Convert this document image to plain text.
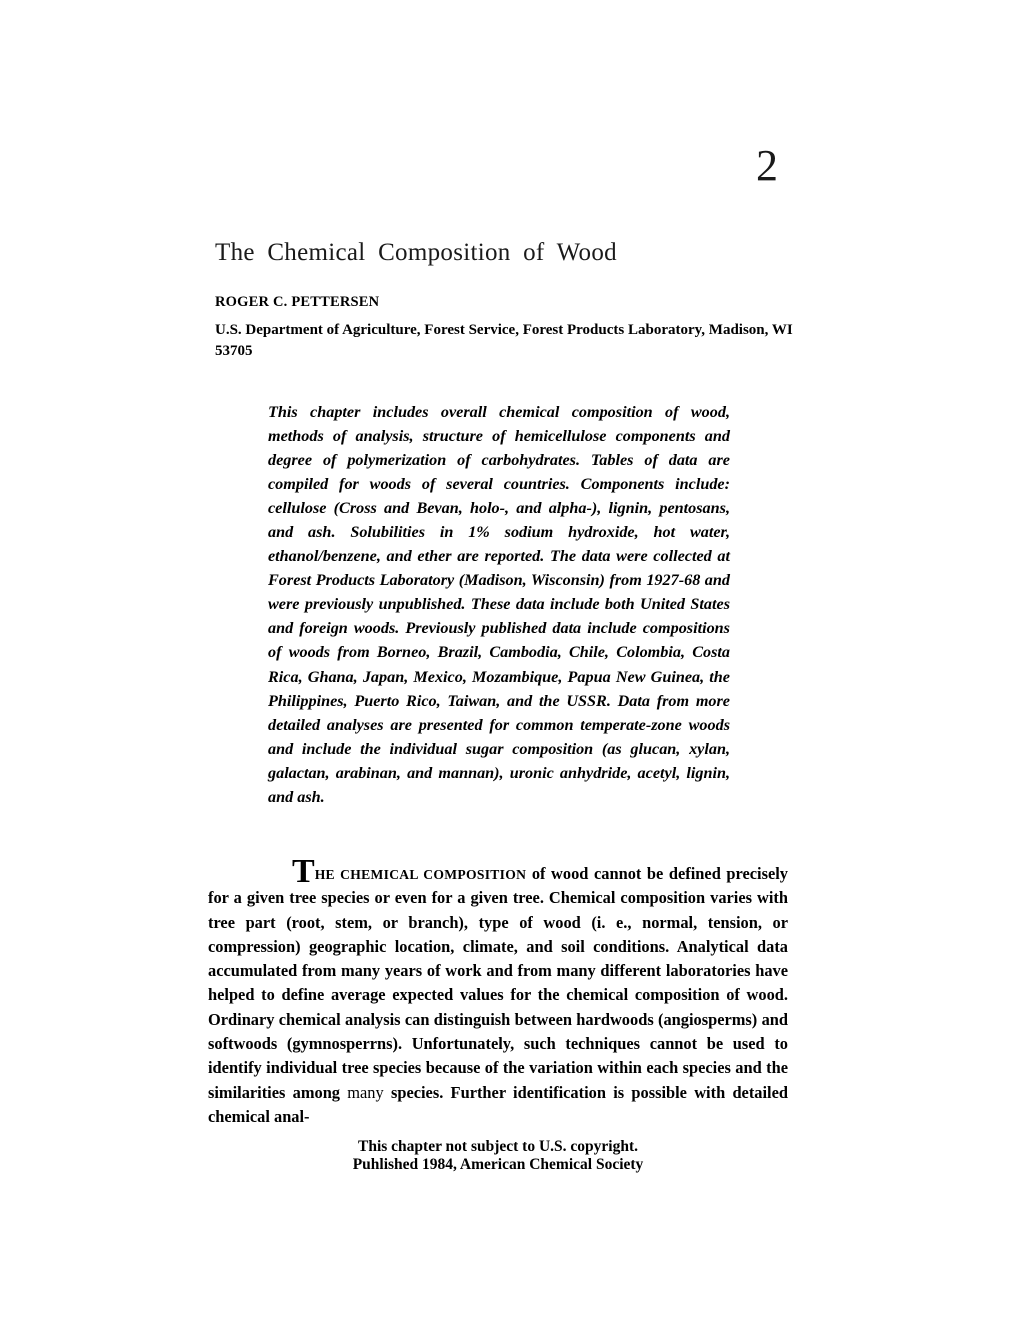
2
The Chemical Composition of Wood
ROGER C. PETTERSEN
U.S. Department of Agriculture, Forest Service, Forest Products Laboratory, Madison, WI 53705
This chapter includes overall chemical composition of wood, methods of analysis, structure of hemicellulose components and degree of polymerization of carbohydrates. Tables of data are compiled for woods of several countries. Components include: cellulose (Cross and Bevan, holo-, and alpha-), lignin, pentosans, and ash. Solubilities in 1% sodium hydroxide, hot water, ethanol/benzene, and ether are reported. The data were collected at Forest Products Laboratory (Madison, Wisconsin) from 1927-68 and were previously unpublished. These data include both United States and foreign woods. Previously published data include compositions of woods from Borneo, Brazil, Cambodia, Chile, Colombia, Costa Rica, Ghana, Japan, Mexico, Mozambique, Papua New Guinea, the Philippines, Puerto Rico, Taiwan, and the USSR. Data from more detailed analyses are presented for common temperate-zone woods and include the individual sugar composition (as glucan, xylan, galactan, arabinan, and mannan), uronic anhydride, acetyl, lignin, and ash.
THE CHEMICAL COMPOSITION of wood cannot be defined precisely for a given tree species or even for a given tree. Chemical composition varies with tree part (root, stem, or branch), type of wood (i. e., normal, tension, or compression) geographic location, climate, and soil conditions. Analytical data accumulated from many years of work and from many different laboratories have helped to define average expected values for the chemical composition of wood. Ordinary chemical analysis can distinguish between hardwoods (angiosperms) and softwoods (gymnosperrns). Unfortunately, such techniques cannot be used to identify individual tree species because of the variation within each species and the similarities among many species. Further identification is possible with detailed chemical anal-
This chapter not subject to U.S. copyright.
Puhlished 1984, American Chemical Society
